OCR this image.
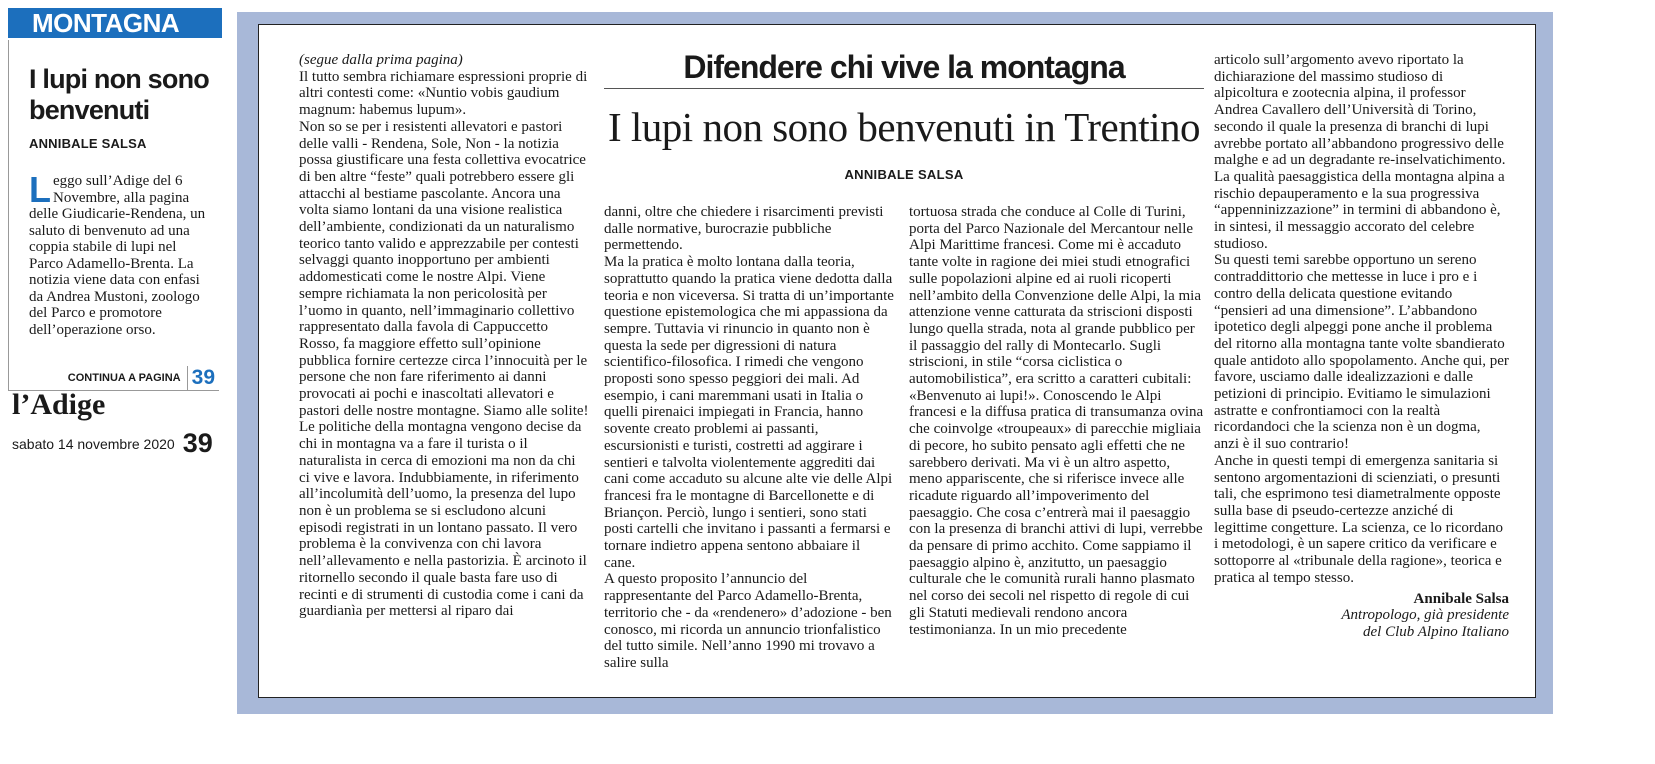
MONTAGNA
I lupi non sono benvenuti
ANNIBALE SALSA
Leggo sull’Adige del 6 Novembre, alla pagina delle Giudicarie-Rendena, un saluto di benvenuto ad una coppia stabile di lupi nel Parco Adamello-Brenta. La notizia viene data con enfasi da Andrea Mustoni, zoologo del Parco e promotore dell’operazione orso.
CONTINUA A PAGINA 39
l’Adige
sabato 14 novembre 2020 39
Difendere chi vive la montagna
I lupi non sono benvenuti in Trentino
ANNIBALE SALSA

(segue dalla prima pagina)

Il tutto sembra richiamare espressioni proprie di altri contesti come: «Nuntio vobis gaudium magnum: habemus lupum».

Non so se per i resistenti allevatori e pastori delle valli - Rendena, Sole, Non - la notizia possa giustificare una festa collettiva evocatrice di ben altre “feste” quali potrebbero essere gli attacchi al bestiame pascolante. Ancora una volta siamo lontani da una visione realistica dell’ambiente, condizionati da un naturalismo teorico tanto valido e apprezzabile per contesti selvaggi quanto inopportuno per ambienti addomesticati come le nostre Alpi. Viene sempre richiamata la non pericolosità per l’uomo in quanto, nell’immaginario collettivo rappresentato dalla favola di Cappuccetto Rosso, fa maggiore effetto sull’opinione pubblica fornire certezze circa l’innocuità per le persone che non fare riferimento ai danni provocati ai pochi e inascoltati allevatori e pastori delle nostre montagne. Siamo alle solite!

Le politiche della montagna vengono decise da chi in montagna va a fare il turista o il naturalista in cerca di emozioni ma non da chi ci vive e lavora. Indubbiamente, in riferimento all’incolumità dell’uomo, la presenza del lupo non è un problema se si escludono alcuni episodi registrati in un lontano passato. Il vero problema è la convivenza con chi lavora nell’allevamento e nella pastorizia. È arcinoto il ritornello secondo il quale basta fare uso di recinti e di strumenti di custodia come i cani da guardianìa per mettersi al riparo dai

danni, oltre che chiedere i risarcimenti previsti dalle normative, burocrazie pubbliche permettendo.

Ma la pratica è molto lontana dalla teoria, soprattutto quando la pratica viene dedotta dalla teoria e non viceversa. Si tratta di un’importante questione epistemologica che mi appassiona da sempre. Tuttavia vi rinuncio in quanto non è questa la sede per digressioni di natura scientifico-filosofica. I rimedi che vengono proposti sono spesso peggiori dei mali. Ad esempio, i cani maremmani usati in Italia o quelli pirenaici impiegati in Francia, hanno sovente creato problemi ai passanti, escursionisti e turisti, costretti ad aggirare i sentieri e talvolta violentemente aggrediti dai cani come accaduto su alcune alte vie delle Alpi francesi fra le montagne di Barcellonette e di Briançon. Perciò, lungo i sentieri, sono stati posti cartelli che invitano i passanti a fermarsi e tornare indietro appena sentono abbaiare il cane.

A questo proposito l’annuncio del rappresentante del Parco Adamello-Brenta, territorio che - da «rendenero» d’adozione - ben conosco, mi ricorda un annuncio trionfalistico del tutto simile. Nell’anno 1990 mi trovavo a salire sulla

tortuosa strada che conduce al Colle di Turini, porta del Parco Nazionale del Mercantour nelle Alpi Marittime francesi. Come mi è accaduto tante volte in ragione dei miei studi etnografici sulle popolazioni alpine ed ai ruoli ricoperti nell’ambito della Convenzione delle Alpi, la mia attenzione venne catturata da striscioni disposti lungo quella strada, nota al grande pubblico per il passaggio del rally di Montecarlo. Sugli striscioni, in stile “corsa ciclistica o automobilistica”, era scritto a caratteri cubitali: «Benvenuto ai lupi!». Conoscendo le Alpi francesi e la diffusa pratica di transumanza ovina che coinvolge «troupeaux» di parecchie migliaia di pecore, ho subito pensato agli effetti che ne sarebbero derivati. Ma vi è un altro aspetto, meno appariscente, che si riferisce invece alle ricadute riguardo all’impoverimento del paesaggio. Che cosa c’entrerà mai il paesaggio con la presenza di branchi attivi di lupi, verrebbe da pensare di primo acchito. Come sappiamo il paesaggio alpino è, anzitutto, un paesaggio culturale che le comunità rurali hanno plasmato nel corso dei secoli nel rispetto di regole di cui gli Statuti medievali rendono ancora testimonianza. In un mio precedente

articolo sull’argomento avevo riportato la dichiarazione del massimo studioso di alpicoltura e zootecnia alpina, il professor Andrea Cavallero dell’Università di Torino, secondo il quale la presenza di branchi di lupi avrebbe portato all’abbandono progressivo delle malghe e ad un degradante re-inselvatichimento. La qualità paesaggistica della montagna alpina a rischio depauperamento e la sua progressiva “appenninizzazione” in termini di abbandono è, in sintesi, il messaggio accorato del celebre studioso.

Su questi temi sarebbe opportuno un sereno contraddittorio che mettesse in luce i pro e i contro della delicata questione evitando “pensieri ad una dimensione”. L’abbandono ipotetico degli alpeggi pone anche il problema del ritorno alla montagna tante volte sbandierato quale antidoto allo spopolamento. Anche qui, per favore, usciamo dalle idealizzazioni e dalle petizioni di principio. Evitiamo le simulazioni astratte e confrontiamoci con la realtà ricordandoci che la scienza non è un dogma, anzi è il suo contrario!

Anche in questi tempi di emergenza sanitaria si sentono argomentazioni di scienziati, o presunti tali, che esprimono tesi diametralmente opposte sulla base di pseudo-certezze anziché di legittime congetture. La scienza, ce lo ricordano i metodologi, è un sapere critico da verificare e sottoporre al «tribunale della ragione», teorica e pratica al tempo stesso.

Annibale Salsa
Antropologo, già presidente
del Club Alpino Italiano
